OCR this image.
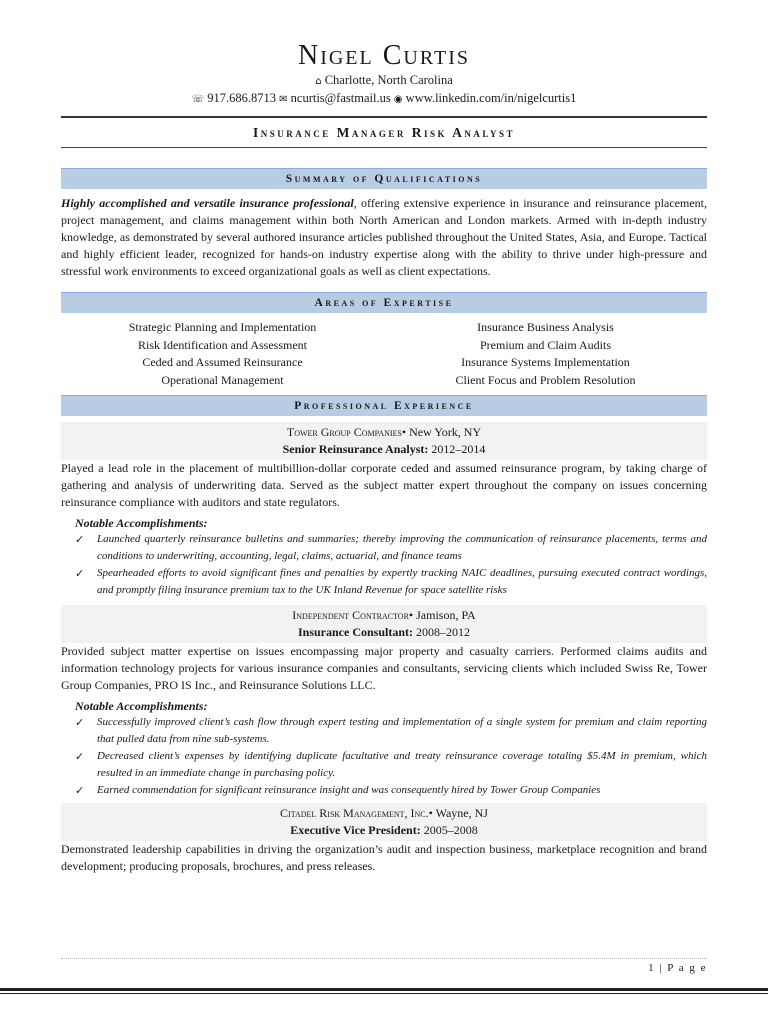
Nigel Curtis
⌂ Charlotte, North Carolina
☏ 917.686.8713 ✉ ncurtis@fastmail.us ◉ www.linkedin.com/in/nigelcurtis1
Insurance Manager Risk Analyst
Summary of Qualifications
Highly accomplished and versatile insurance professional, offering extensive experience in insurance and reinsurance placement, project management, and claims management within both North American and London markets. Armed with in-depth industry knowledge, as demonstrated by several authored insurance articles published throughout the United States, Asia, and Europe. Tactical and highly efficient leader, recognized for hands-on industry expertise along with the ability to thrive under high-pressure and stressful work environments to exceed organizational goals as well as client expectations.
Areas of Expertise
Strategic Planning and Implementation
Risk Identification and Assessment
Ceded and Assumed Reinsurance
Operational Management
Insurance Business Analysis
Premium and Claim Audits
Insurance Systems Implementation
Client Focus and Problem Resolution
Professional Experience
Tower Group Companies• New York, NY
Senior Reinsurance Analyst: 2012–2014
Played a lead role in the placement of multibillion-dollar corporate ceded and assumed reinsurance program, by taking charge of gathering and analysis of underwriting data. Served as the subject matter expert throughout the company on issues concerning reinsurance compliance with auditors and state regulators.
Notable Accomplishments:
✓ Launched quarterly reinsurance bulletins and summaries; thereby improving the communication of reinsurance placements, terms and conditions to underwriting, accounting, legal, claims, actuarial, and finance teams
✓ Spearheaded efforts to avoid significant fines and penalties by expertly tracking NAIC deadlines, pursuing executed contract wordings, and promptly filing insurance premium tax to the UK Inland Revenue for space satellite risks
Independent Contractor• Jamison, PA
Insurance Consultant: 2008–2012
Provided subject matter expertise on issues encompassing major property and casualty carriers. Performed claims audits and information technology projects for various insurance companies and consultants, servicing clients which included Swiss Re, Tower Group Companies, PRO IS Inc., and Reinsurance Solutions LLC.
Notable Accomplishments:
✓ Successfully improved client’s cash flow through expert testing and implementation of a single system for premium and claim reporting that pulled data from nine sub-systems.
✓ Decreased client’s expenses by identifying duplicate facultative and treaty reinsurance coverage totaling $5.4M in premium, which resulted in an immediate change in purchasing policy.
✓ Earned commendation for significant reinsurance insight and was consequently hired by Tower Group Companies
Citadel Risk Management, Inc.• Wayne, NJ
Executive Vice President: 2005–2008
Demonstrated leadership capabilities in driving the organization’s audit and inspection business, marketplace recognition and brand development; producing proposals, brochures, and press releases.
1 | P a g e
